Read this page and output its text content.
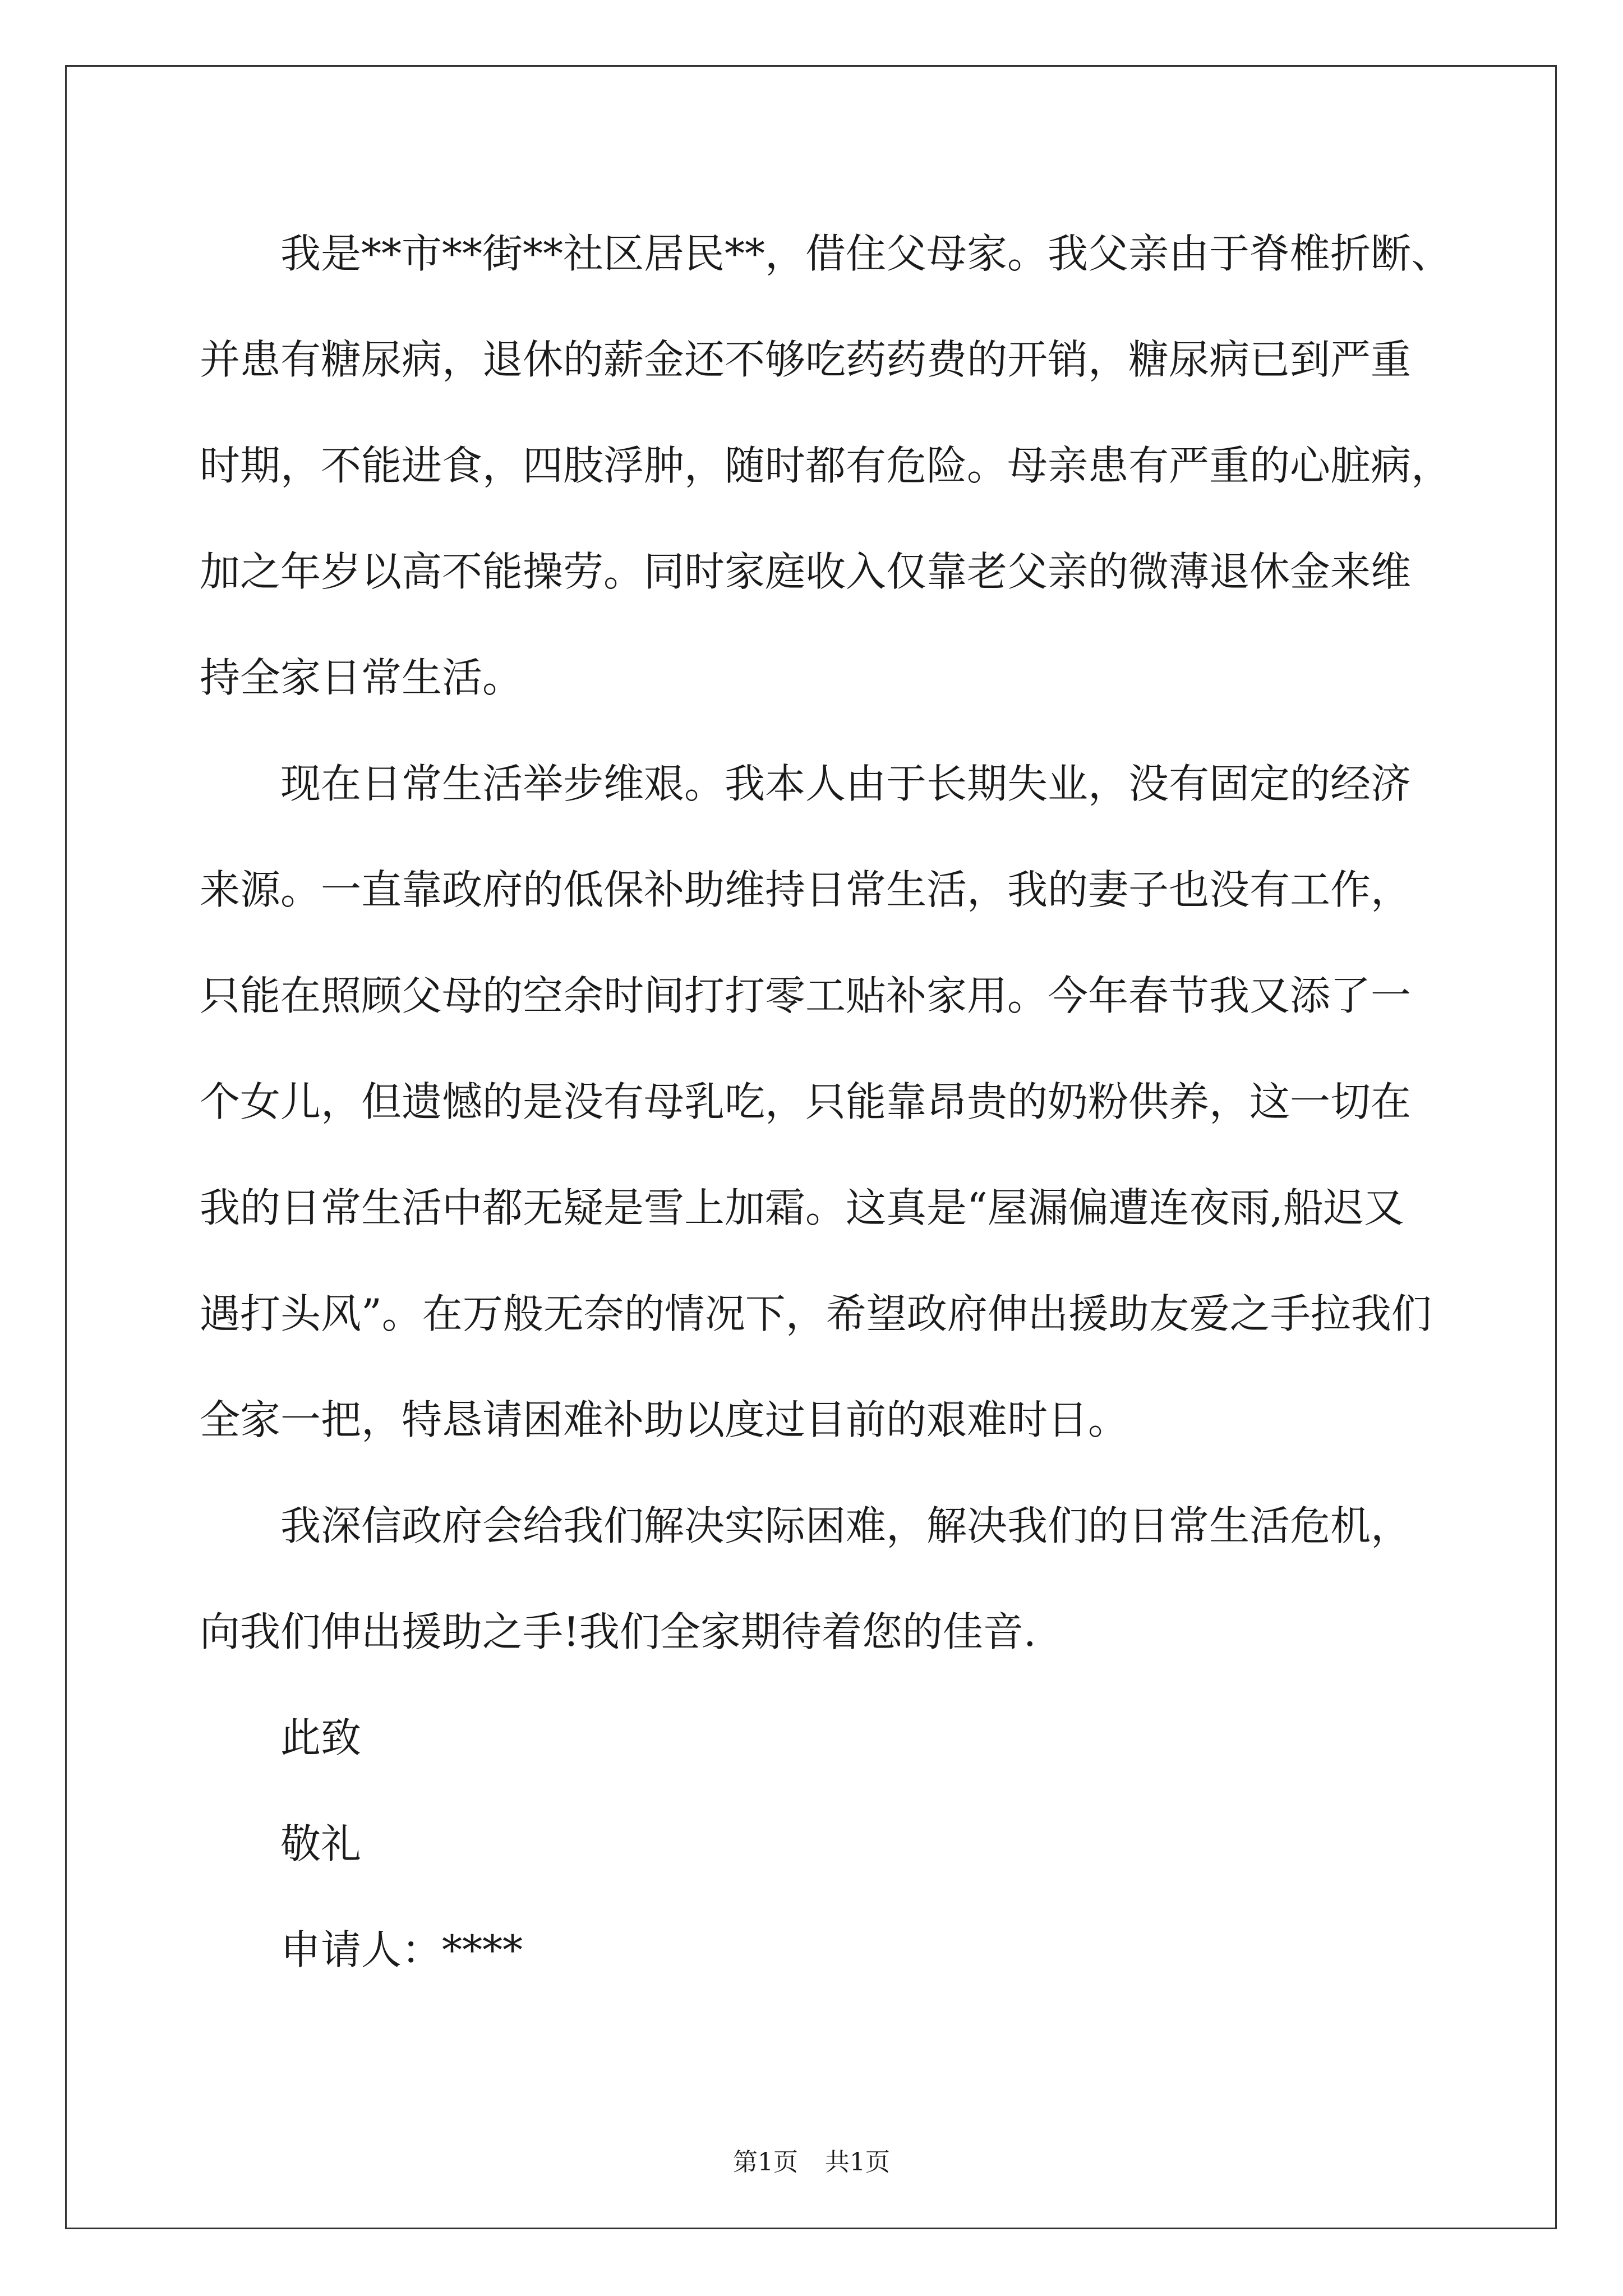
我是**市**街**社区居民**，借住父母家。我父亲由于脊椎折断、
并患有糖尿病，退休的薪金还不够吃药药费的开销，糖尿病已到严重
时期，不能进食，四肢浮肿，随时都有危险。母亲患有严重的心脏病，
加之年岁以高不能操劳。同时家庭收入仅靠老父亲的微薄退休金来维
持全家日常生活。

现在日常生活举步维艰。我本人由于长期失业，没有固定的经济
来源。一直靠政府的低保补助维持日常生活，我的妻子也没有工作，
只能在照顾父母的空余时间打打零工贴补家用。今年春节我又添了一
个女儿，但遗憾的是没有母乳吃，只能靠昂贵的奶粉供养，这一切在
我的日常生活中都无疑是雪上加霜。这真是“屋漏偏遭连夜雨,船迟又
遇打头风”。在万般无奈的情况下，希望政府伸出援助友爱之手拉我们
全家一把，特恳请困难补助以度过目前的艰难时日。

我深信政府会给我们解决实际困难，解决我们的日常生活危机，
向我们伸出援助之手!我们全家期待着您的佳音.

此致

敬礼

申请人：****

第1页 共1页
